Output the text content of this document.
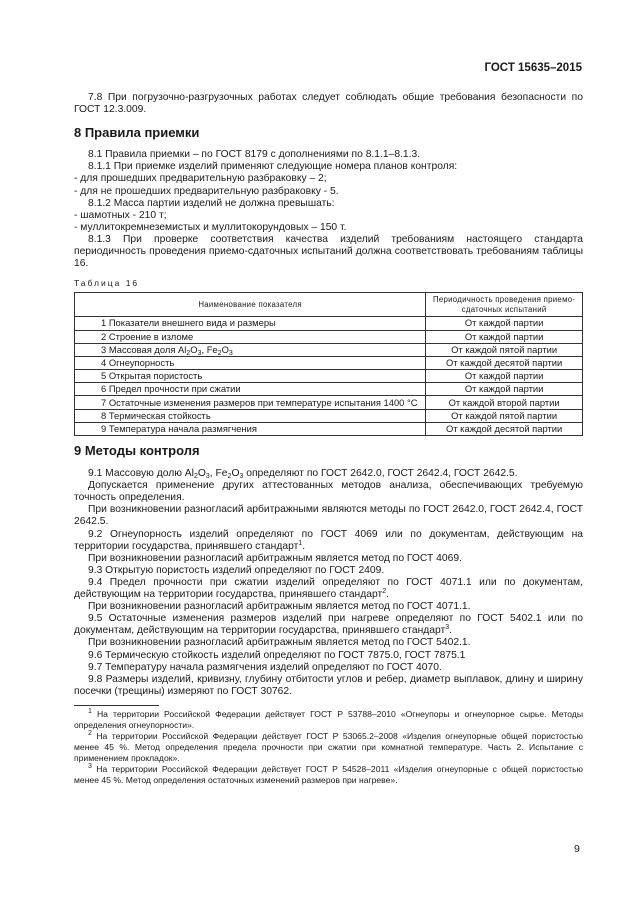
ГОСТ 15635–2015

7.8 При погрузочно-разгрузочных работах следует соблюдать общие требования безопасности по ГОСТ 12.3.009.

8 Правила приемки

8.1 Правила приемки – по ГОСТ 8179 с дополнениями по 8.1.1–8.1.3.

8.1.1 При приемке изделий применяют следующие номера планов контроля:

- для прошедших предварительную разбраковку – 2;

- для не прошедших предварительную разбраковку - 5.

8.1.2 Масса партии изделий не должна превышать:

- шамотных - 210 т;

- муллитокремнеземистых и муллитокорундовых – 150 т.

8.1.3 При проверке соответствия качества изделий требованиям настоящего стандарта периодичность проведения приемо-сдаточных испытаний должна соответствовать требованиям таблицы 16.

Таблица 16
Наименование показателя	Периодичность проведения приемо-сдаточных испытаний
1 Показатели внешнего вида и размеры	От каждой партии
2 Строение в изломе	От каждой партии
3 Массовая доля $Al_2O_3$, $Fe_2O_3$	От каждой пятой партии
4 Огнеупорность	От каждой десятой партии
5 Открытая пористость	От каждой партии
6 Предел прочности при сжатии	От каждой партии
7 Остаточные изменения размеров при температуре испытания 1400 °С	От каждой второй партии
8 Термическая стойкость	От каждой пятой партии
9 Температура начала размягчения	От каждой десятой партии
9 Методы контроля

9.1 Массовую долю $Al_2O_3$, $Fe_2O_3$ определяют по ГОСТ 2642.0, ГОСТ 2642.4, ГОСТ 2642.5.

Допускается применение других аттестованных методов анализа, обеспечивающих требуемую точность определения.

При возникновении разногласий арбитражными являются методы по ГОСТ 2642.0, ГОСТ 2642.4, ГОСТ 2642.5.

9.2 Огнеупорность изделий определяют по ГОСТ 4069 или по документам, действующим на территории государства, принявшего стандарт$^1$.

При возникновении разногласий арбитражным является метод по ГОСТ 4069.

9.3 Открытую пористость изделий определяют по ГОСТ 2409.

9.4 Предел прочности при сжатии изделий определяют по ГОСТ 4071.1 или по документам, действующим на территории государства, принявшего стандарт$^2$.

При возникновении разногласий арбитражным является метод по ГОСТ 4071.1.

9.5 Остаточные изменения размеров изделий при нагреве определяют по ГОСТ 5402.1 или по документам, действующим на территории государства, принявшего стандарт$^3$.

При возникновении разногласий арбитражным является метод по ГОСТ 5402.1.

9.6 Термическую стойкость изделий определяют по ГОСТ 7875.0, ГОСТ 7875.1

9.7 Температуру начала размягчения изделий определяют по ГОСТ 4070.

9.8 Размеры изделий, кривизну, глубину отбитости углов и ребер, диаметр выплавок, длину и ширину посечки (трещины) измеряют по ГОСТ 30762.

$^1$ На территории Российской Федерации действует ГОСТ Р 53788–2010 «Огнеупоры и огнеупорное сырье. Методы определения огнеупорности».

$^2$ На территории Российской Федерации действует ГОСТ Р 53065.2–2008 «Изделия огнеупорные общей пористостью менее 45 %. Метод определения предела прочности при сжатии при комнатной температуре. Часть 2. Испытание с применением прокладок».

$^3$ На территории Российской Федерации действует ГОСТ Р 54528–2011 «Изделия огнеупорные с общей пористостью менее 45 %. Метод определения остаточных изменений размеров при нагреве».

9
